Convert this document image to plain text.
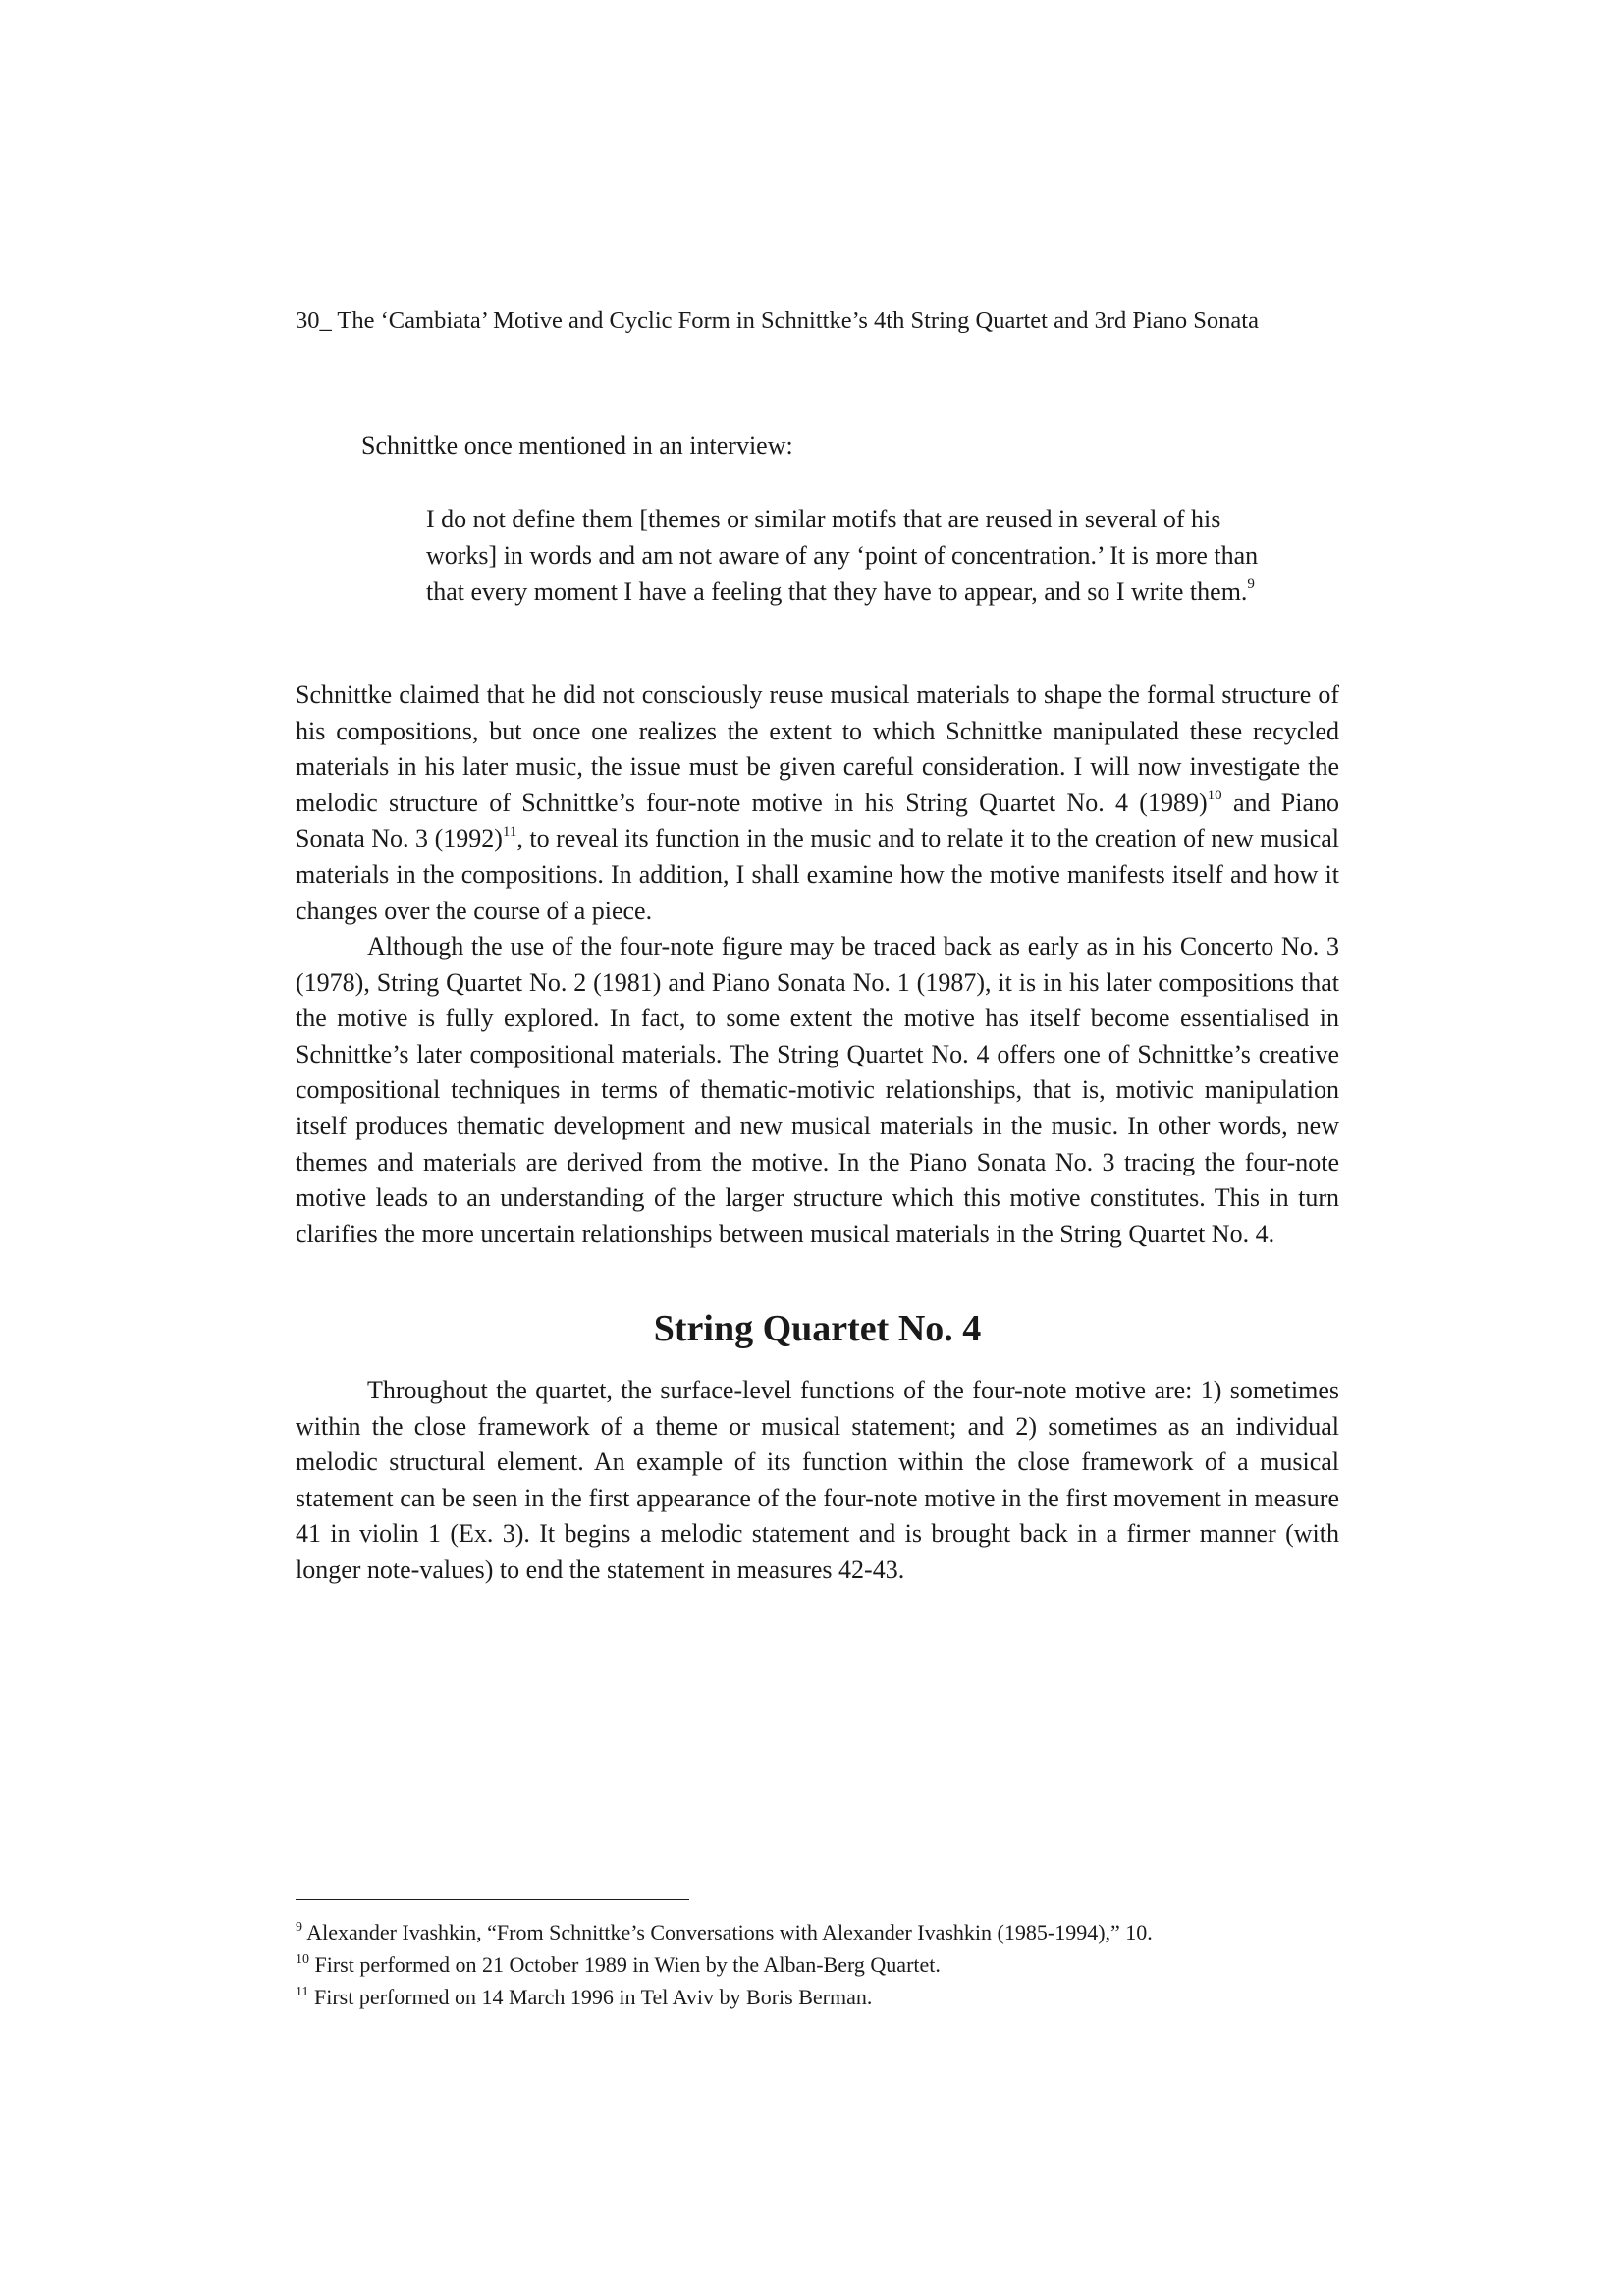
30_ The ‘Cambiata’ Motive and Cyclic Form in Schnittke’s 4th String Quartet and 3rd Piano Sonata
Schnittke once mentioned in an interview:

I do not define them [themes or similar motifs that are reused in several of his works] in words and am not aware of any ‘point of concentration.’ It is more than that every moment I have a feeling that they have to appear, and so I write them.$^9$

Schnittke claimed that he did not consciously reuse musical materials to shape the formal structure of his compositions, but once one realizes the extent to which Schnittke manipulated these recycled materials in his later music, the issue must be given careful consideration. I will now investigate the melodic structure of Schnittke’s four-note motive in his String Quartet No. 4 $(1989)^{10}$ and Piano Sonata No. 3 $(1992)^{11}$, to reveal its function in the music and to relate it to the creation of new musical materials in the compositions. In addition, I shall examine how the motive manifests itself and how it changes over the course of a piece.

Although the use of the four-note figure may be traced back as early as in his Concerto No. 3 (1978), String Quartet No. 2 (1981) and Piano Sonata No. 1 (1987), it is in his later compositions that the motive is fully explored. In fact, to some extent the motive has itself become essentialised in Schnittke’s later compositional materials. The String Quartet No. 4 offers one of Schnittke’s creative compositional techniques in terms of thematic-motivic relationships, that is, motivic manipulation itself produces thematic development and new musical materials in the music. In other words, new themes and materials are derived from the motive. In the Piano Sonata No. 3 tracing the four-note motive leads to an understanding of the larger structure which this motive constitutes. This in turn clarifies the more uncertain relationships between musical materials in the String Quartet No. 4.

String Quartet No. 4

Throughout the quartet, the surface-level functions of the four-note motive are: 1) sometimes within the close framework of a theme or musical statement; and 2) sometimes as an individual melodic structural element. An example of its function within the close framework of a musical statement can be seen in the first appearance of the four-note motive in the first movement in measure 41 in violin 1 (Ex. 3). It begins a melodic statement and is brought back in a firmer manner (with longer note-values) to end the statement in measures 42-43.

$^9$ Alexander Ivashkin, “From Schnittke’s Conversations with Alexander Ivashkin (1985-1994),” 10.

$^{10}$ First performed on 21 October 1989 in Wien by the Alban-Berg Quartet.

$^{11}$ First performed on 14 March 1996 in Tel Aviv by Boris Berman.
